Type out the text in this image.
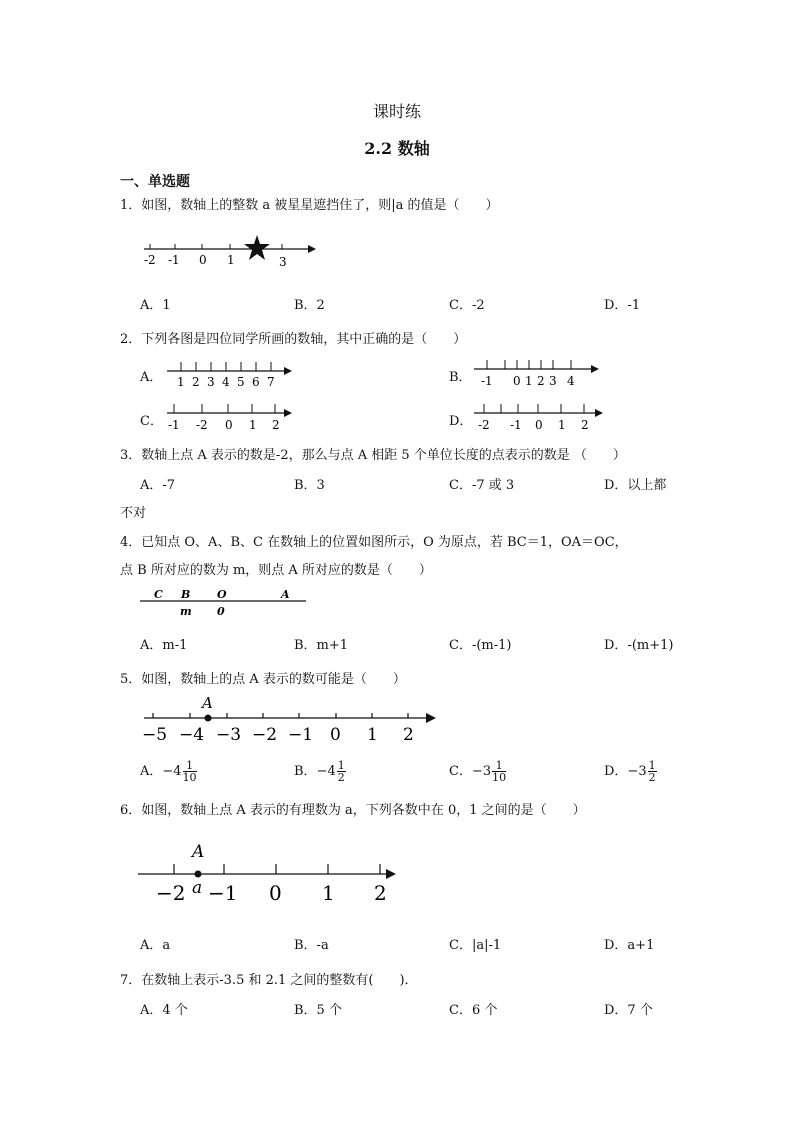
课时练
2.2 数轴
一、单选题
1．如图，数轴上的整数 a 被星星遮挡住了，则|a 的值是（　　）
-2 -1 0 1	3
A．1	B．2	C．-2	D．-1
2．下列各图是四位同学所画的数轴，其中正确的是（　　）
A． 1 2 3 4 5 6 7	B． -1 0 1 2 3 4
C． -1 -2 0 1 2	D． -2 -1 0 1 2
3．数轴上点 A 表示的数是-2，那么与点 A 相距 5 个单位长度的点表示的数是 （　　）
A．-7	B．3	C．-7 或 3	D．以上都
不对
4．已知点 O、A、B、C 在数轴上的位置如图所示，O 为原点，若 BC＝1，OA＝OC，
点 B 所对应的数为 m，则点 A 所对应的数是（　　）
C B O	A
m 0
A．m-1	B．m+1	C．-(m-1)	D．-(m+1)
5．如图，数轴上的点 A 表示的数可能是（　　）
A
−5 −4 −3 −2 −1 0 1 2
A．$-4 \frac{1}{10}$	B．$-4 \frac{1}{2}$	C．$-3 \frac{1}{10}$	D．$-3 \frac{1}{2}$
6．如图，数轴上点 A 表示的有理数为 a，下列各数中在 0，1 之间的是（　　）
A
a
−2 −1 0 1 2
A．a	B．-a	C．|a|-1	D．a+1
7．在数轴上表示-3.5 和 2.1 之间的整数有(　　)．
A．4 个	B．5 个	C．6 个	D．7 个
